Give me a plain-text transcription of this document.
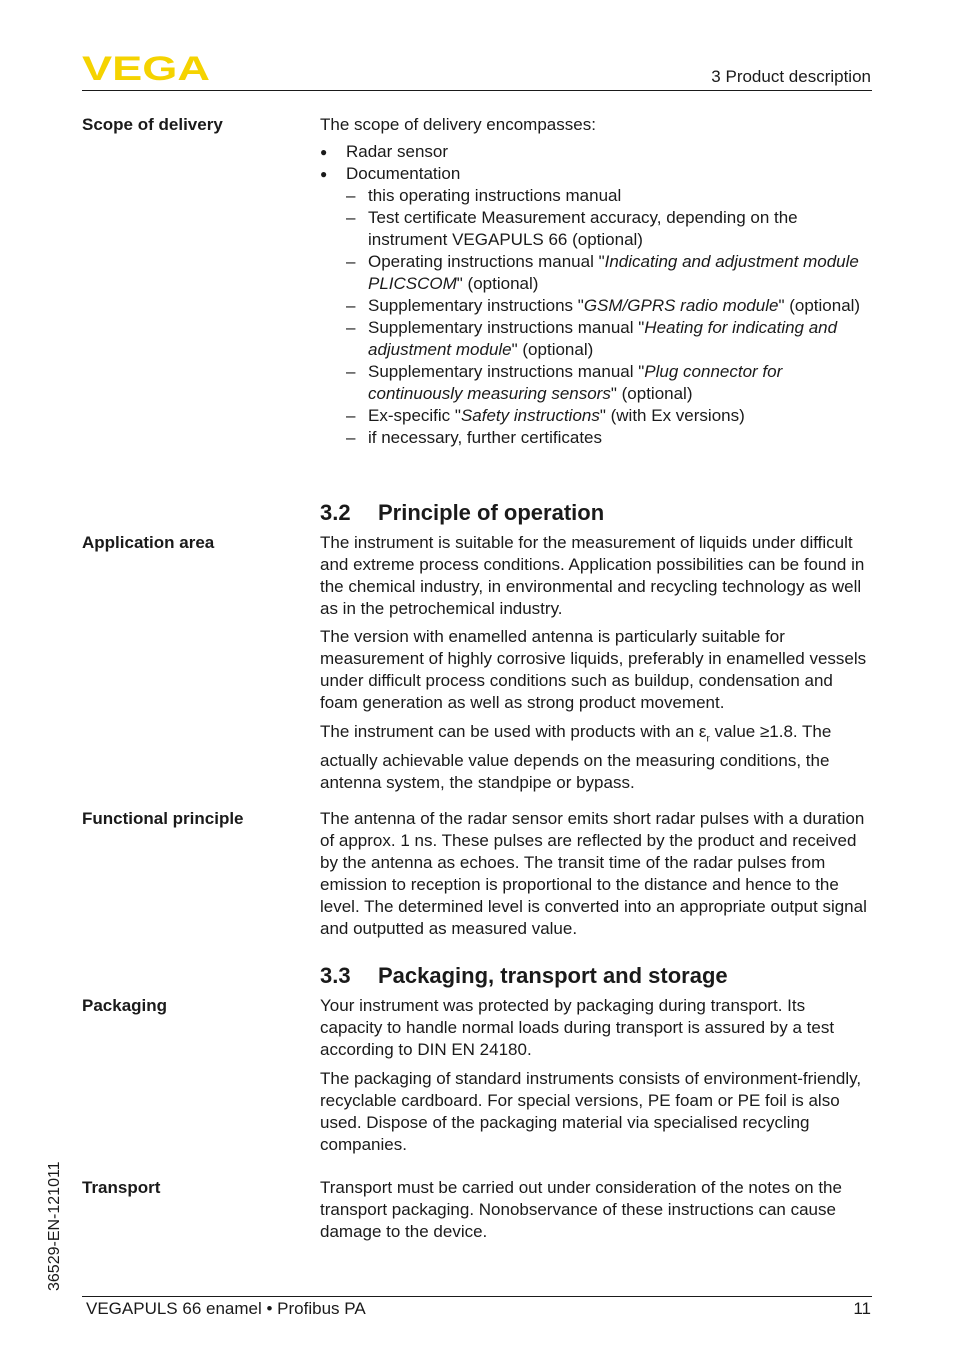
VEGA	3 Product description
Scope of delivery	The scope of delivery encompasses:
● Radar sensor
● Documentation
– this operating instructions manual
– Test certificate Measurement accuracy, depending on the instrument VEGAPULS 66 (optional)
– Operating instructions manual "Indicating and adjustment module PLICSCOM" (optional)
– Supplementary instructions "GSM/GPRS radio module" (optional)
– Supplementary instructions manual "Heating for indicating and adjustment module" (optional)
– Supplementary instructions manual "Plug connector for continuously measuring sensors" (optional)
– Ex-specific "Safety instructions" (with Ex versions)
– if necessary, further certificates
3.2 Principle of operation
Application area	The instrument is suitable for the measurement of liquids under difficult and extreme process conditions. Application possibilities can be found in the chemical industry, in environmental and recycling technology as well as in the petrochemical industry.

The version with enamelled antenna is particularly suitable for measurement of highly corrosive liquids, preferably in enamelled vessels under difficult process conditions such as buildup, condensation and foam generation as well as strong product movement.

The instrument can be used with products with an $\varepsilon_r$ value ≥1.8. The actually achievable value depends on the measuring conditions, the antenna system, the standpipe or bypass.

Functional principle	The antenna of the radar sensor emits short radar pulses with a duration of approx. 1 ns. These pulses are reflected by the product and received by the antenna as echoes. The transit time of the radar pulses from emission to reception is proportional to the distance and hence to the level. The determined level is converted into an appropriate output signal and outputted as measured value.

3.3 Packaging, transport and storage
Packaging	Your instrument was protected by packaging during transport. Its capacity to handle normal loads during transport is assured by a test according to DIN EN 24180.

The packaging of standard instruments consists of environment-friendly, recyclable cardboard. For special versions, PE foam or PE foil is also used. Dispose of the packaging material via specialised recycling companies.

Transport	Transport must be carried out under consideration of the notes on the transport packaging. Nonobservance of these instructions can cause damage to the device.

36529-EN-121011
VEGAPULS 66 enamel • Profibus PA	11
